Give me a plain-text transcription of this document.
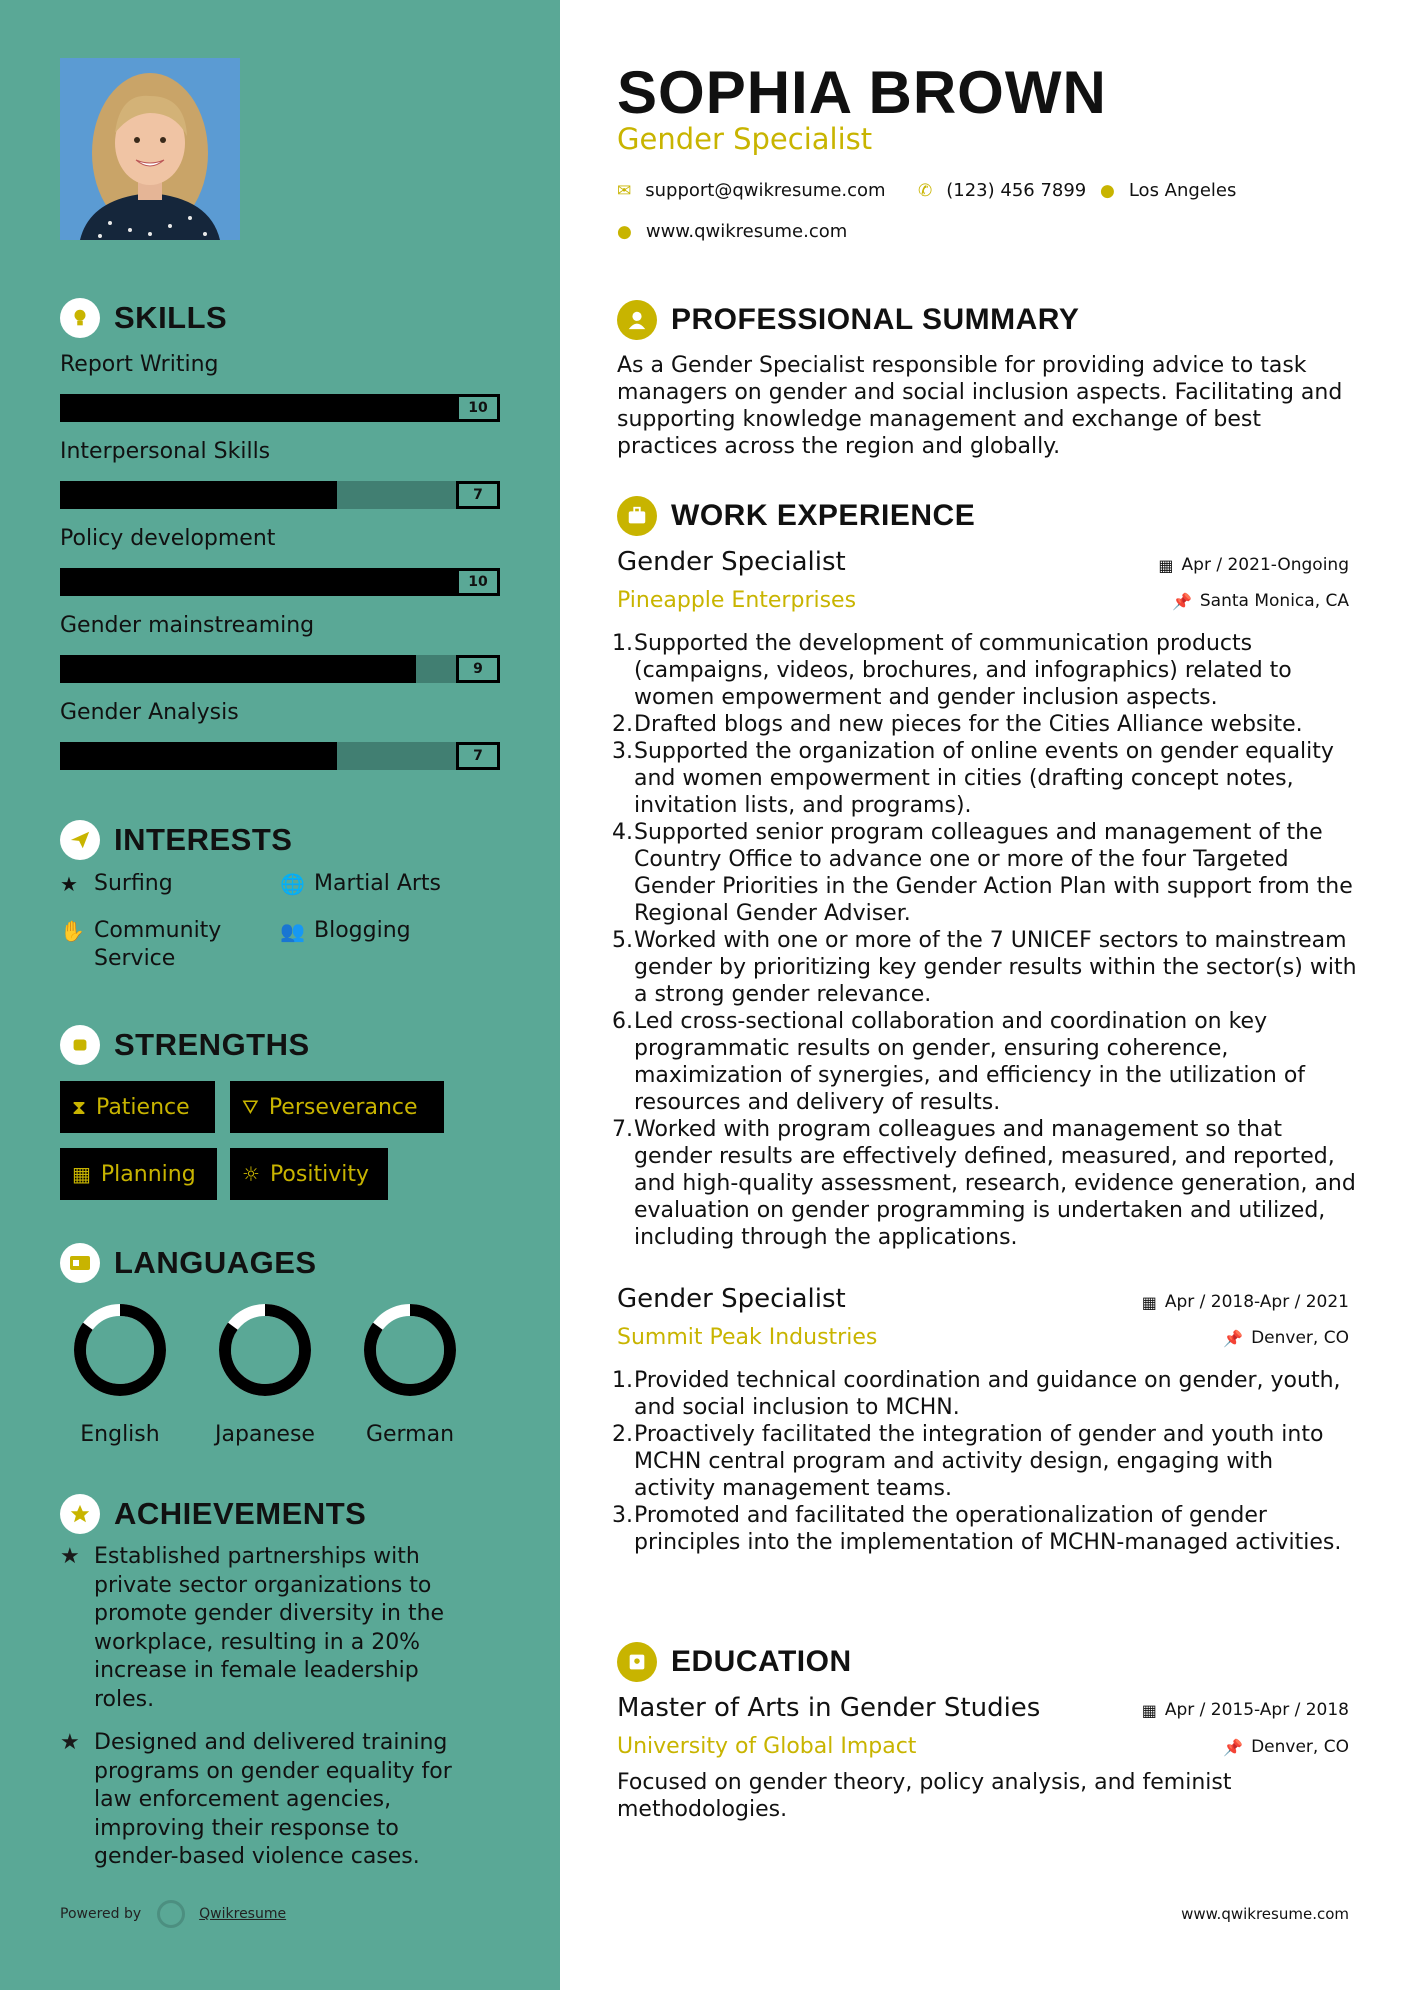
SKILLS
Report Writing
10
Interpersonal Skills
7
Policy development
10
Gender mainstreaming
9
Gender Analysis
7
INTERESTS
★ Surfing	🌐 Martial Arts
✋ Community Service
👥 Blogging
STRENGTHS
⧗ Patience	⛛ Perseverance
▦ Planning ☼ Positivity
LANGUAGES
English	Japanese	German
ACHIEVEMENTS
★ Established partnerships with private sector organizations to promote gender diversity in the workplace, resulting in a 20% increase in female leadership roles.
★ Designed and delivered training programs on gender equality for law enforcement agencies, improving their response to gender-based violence cases.
Powered by	Qwikresume
SOPHIA BROWN
Gender Specialist
✉ support@qwikresume.com ✆ (123) 456 7899 ● Los Angeles
● www.qwikresume.com
PROFESSIONAL SUMMARY
As a Gender Specialist responsible for providing advice to task managers on gender and social inclusion aspects. Facilitating and supporting knowledge management and exchange of best practices across the region and globally.
WORK EXPERIENCE
Gender Specialist	▦ Apr / 2021-Ongoing
Pineapple Enterprises	📌 Santa Monica, CA
1. Supported the development of communication products (campaigns, videos, brochures, and infographics) related to women empowerment and gender inclusion aspects.
2. Drafted blogs and new pieces for the Cities Alliance website.
3. Supported the organization of online events on gender equality and women empowerment in cities (drafting concept notes, invitation lists, and programs).
4. Supported senior program colleagues and management of the Country Office to advance one or more of the four Targeted Gender Priorities in the Gender Action Plan with support from the Regional Gender Adviser.
5. Worked with one or more of the 7 UNICEF sectors to mainstream gender by prioritizing key gender results within the sector(s) with a strong gender relevance.
6. Led cross-sectional collaboration and coordination on key programmatic results on gender, ensuring coherence, maximization of synergies, and efficiency in the utilization of resources and delivery of results.
7. Worked with program colleagues and management so that gender results are effectively defined, measured, and reported, and high-quality assessment, research, evidence generation, and evaluation on gender programming is undertaken and utilized, including through the applications.
Gender Specialist	▦ Apr / 2018-Apr / 2021
Summit Peak Industries	📌 Denver, CO
1. Provided technical coordination and guidance on gender, youth, and social inclusion to MCHN.
2. Proactively facilitated the integration of gender and youth into MCHN central program and activity design, engaging with activity management teams.
3. Promoted and facilitated the operationalization of gender principles into the implementation of MCHN-managed activities.
EDUCATION
Master of Arts in Gender Studies	▦ Apr / 2015-Apr / 2018
University of Global Impact	📌 Denver, CO
Focused on gender theory, policy analysis, and feminist methodologies.
www.qwikresume.com
